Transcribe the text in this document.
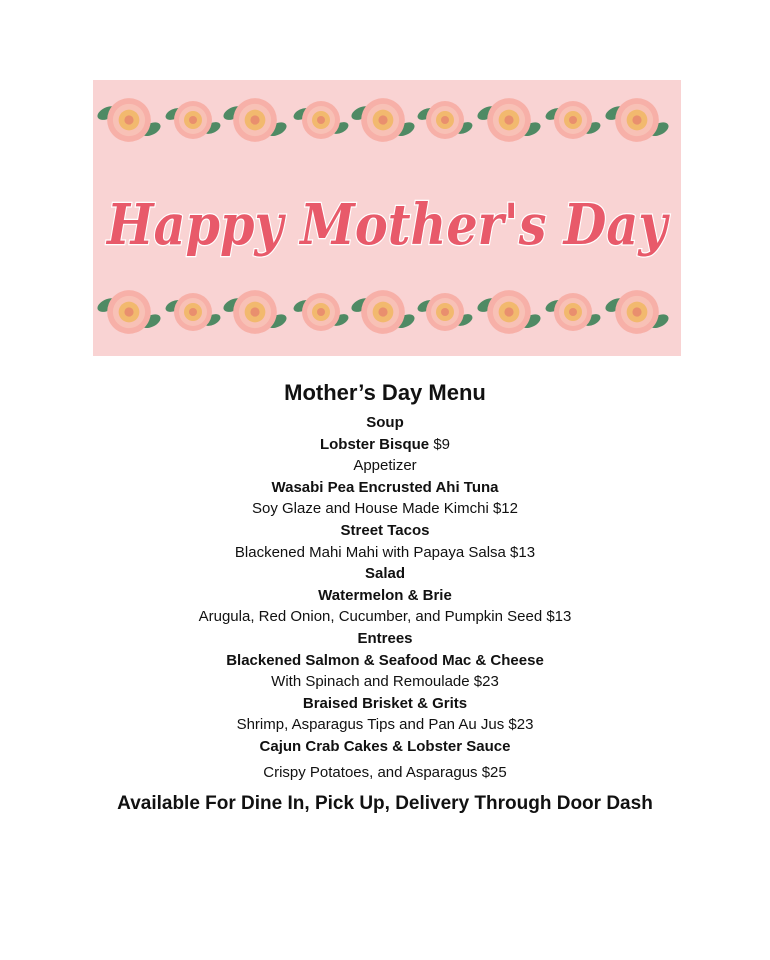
Happy Mother's Day
Mother’s Day Menu
Soup
Lobster Bisque $9
Appetizer
Wasabi Pea Encrusted Ahi Tuna
Soy Glaze and House Made Kimchi $12
Street Tacos
Blackened Mahi Mahi with Papaya Salsa $13
Salad
Watermelon & Brie
Arugula, Red Onion, Cucumber, and Pumpkin Seed $13
Entrees
Blackened Salmon & Seafood Mac & Cheese
With Spinach and Remoulade $23
Braised Brisket & Grits
Shrimp, Asparagus Tips and Pan Au Jus $23
Cajun Crab Cakes & Lobster Sauce
Crispy Potatoes, and Asparagus $25
Available For Dine In, Pick Up, Delivery Through Door Dash
